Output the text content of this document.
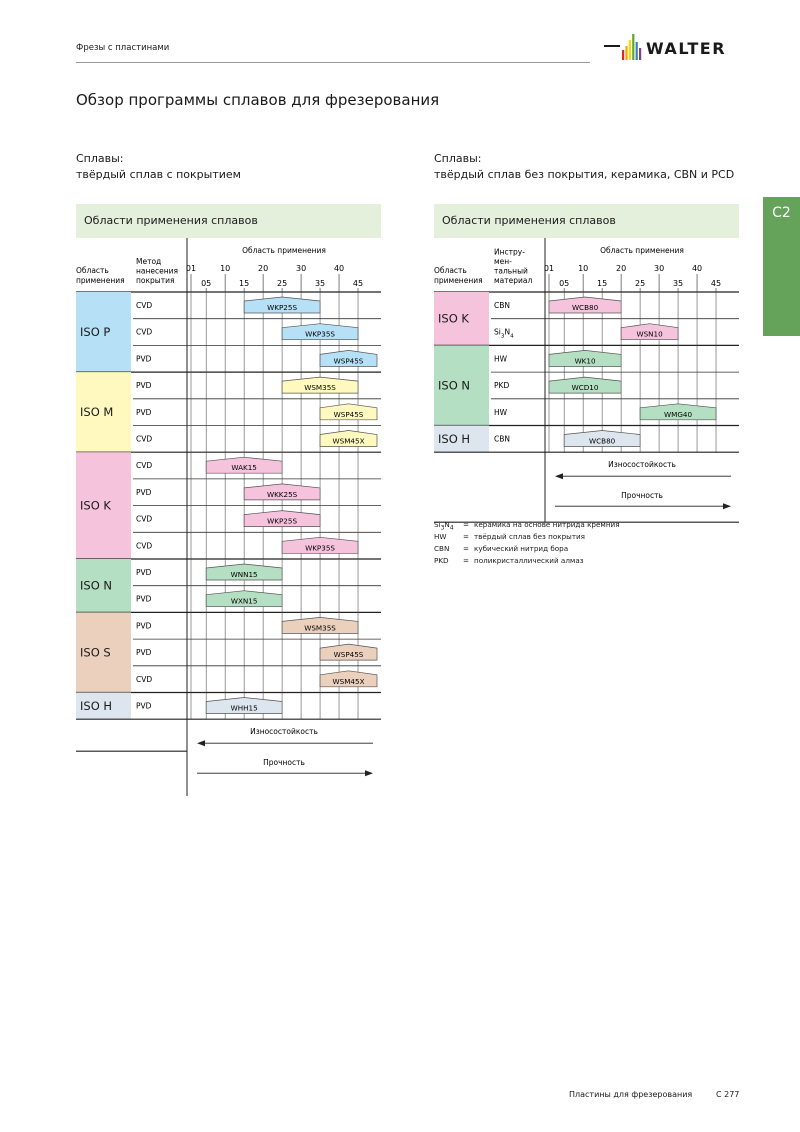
Фрезы с пластинами	WALTER
Обзор программы сплавов для фрезерования
Сплавы:
твёрдый сплав с покрытием
Сплавы:
твёрдый сплав без покрытия, керамика, CBN и PCD
Области применения сплавов	Области применения сплавов	C2
Область
применения
Метод
нанесения
покрытия
Область применения
01	10	20	30	40
05	15	25	35	45
ISO P
CVD	WKP25S
CVD	WKP35S
PVD	WSP45S
ISO M
PVD	WSM35S
PVD	WSP45S
CVD	WSM45X
ISO K
CVD	WAK15
PVD	WKK25S
CVD	WKP25S
CVD	WKP35S
ISO N
PVD	WNN15
PVD	WXN15
ISO S
PVD	WSM35S
PVD	WSP45S
CVD	WSM45X
ISO H	PVD	WHH15
Износостойкость
Прочность
Область
применения
Инстру-
мен-
тальный
материал
Область применения
01	10	20	30	40
05	15	25	35	45
ISO K
CBN	WCB80
$Si_3N_4$	WSN10
ISO N
HW	WK10
PKD	WCD10
HW	WMG40
ISO H	CBN	WCB80
Износостойкость
Прочность
$Si_3N_4$ = керамика на основе нитрида кремния
HW = твёрдый сплав без покрытия
CBN = кубический нитрид бора
PKD = поликристаллический алмаз
Пластины для фрезерования	C 277
